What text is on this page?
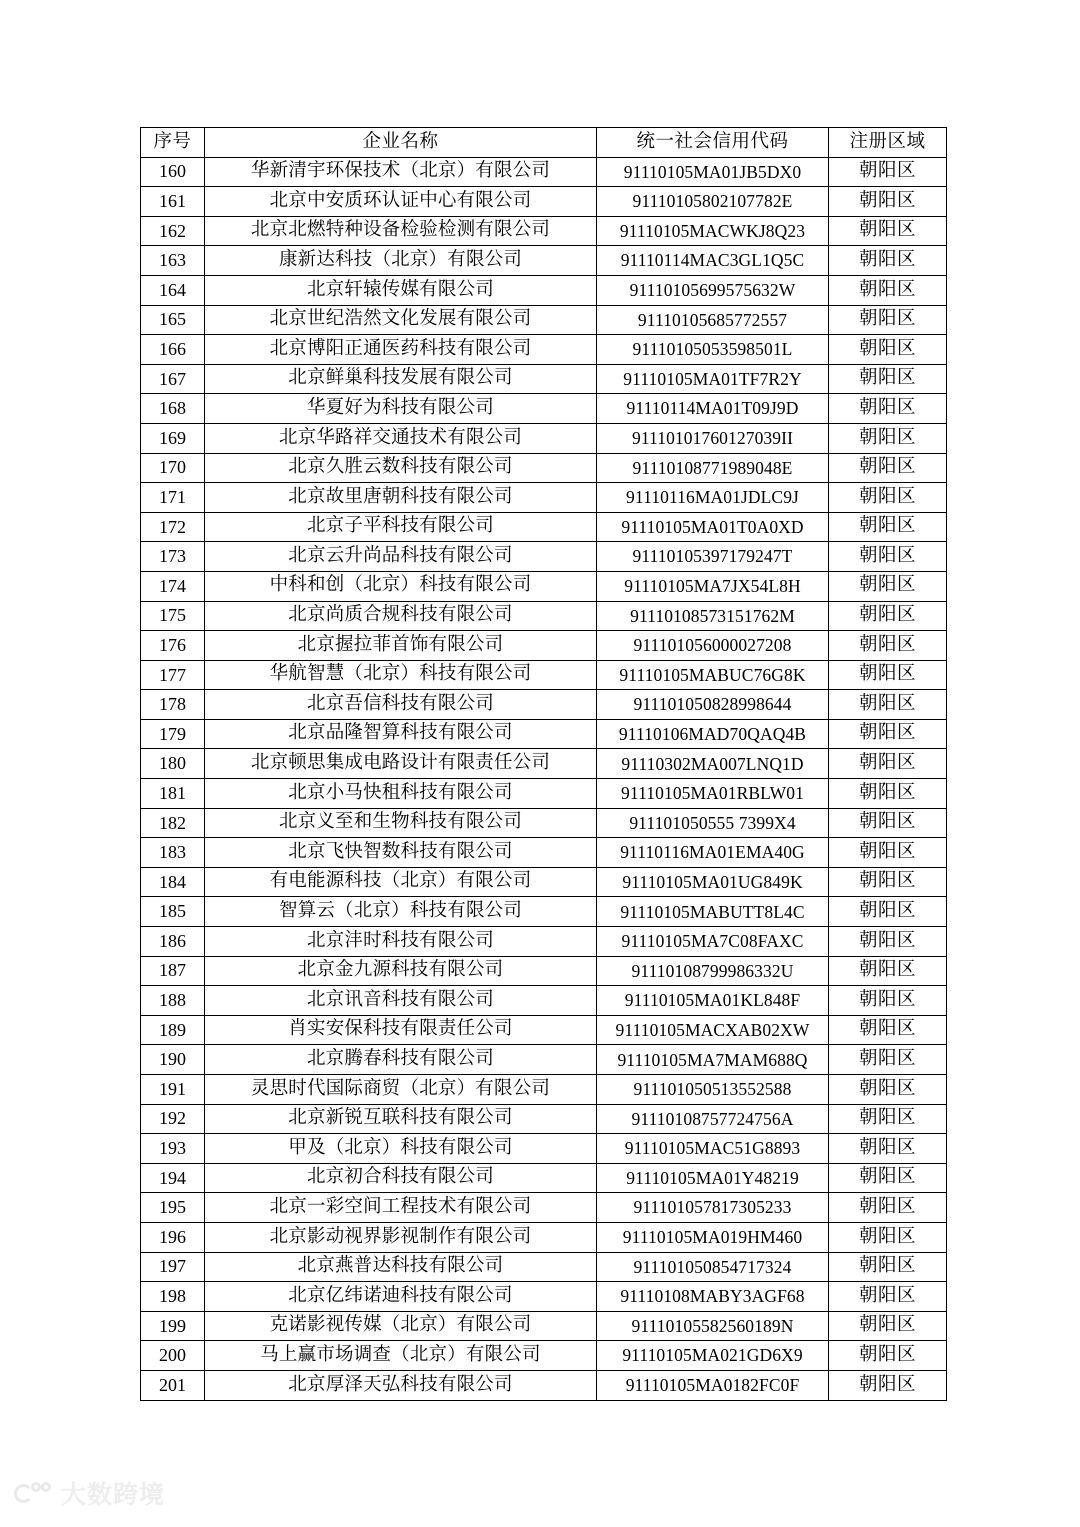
序号	企业名称	统一社会信用代码	注册区域
160	华新清宇环保技术（北京）有限公司	91110105MA01JB5DX0	朝阳区
161	北京中安质环认证中心有限公司	91110105802107782E	朝阳区
162	北京北燃特种设备检验检测有限公司	91110105MACWKJ8Q23	朝阳区
163	康新达科技（北京）有限公司	91110114MAC3GL1Q5C	朝阳区
164	北京轩辕传媒有限公司	91110105699575632W	朝阳区
165	北京世纪浩然文化发展有限公司	91110105685772557	朝阳区
166	北京博阳正通医药科技有限公司	91110105053598501L	朝阳区
167	北京鲜巢科技发展有限公司	91110105MA01TF7R2Y	朝阳区
168	华夏好为科技有限公司	91110114MA01T09J9D	朝阳区
169	北京华路祥交通技术有限公司	91110101760127039II	朝阳区
170	北京久胜云数科技有限公司	91110108771989048E	朝阳区
171	北京故里唐朝科技有限公司	91110116MA01JDLC9J	朝阳区
172	北京子平科技有限公司	91110105MA01T0A0XD	朝阳区
173	北京云升尚品科技有限公司	91110105397179247T	朝阳区
174	中科和创（北京）科技有限公司	91110105MA7JX54L8H	朝阳区
175	北京尚质合规科技有限公司	91110108573151762M	朝阳区
176	北京握拉菲首饰有限公司	911101056000027208	朝阳区
177	华航智慧（北京）科技有限公司	91110105MABUC76G8K	朝阳区
178	北京吾信科技有限公司	911101050828998644	朝阳区
179	北京品隆智算科技有限公司	91110106MAD70QAQ4B	朝阳区
180	北京顿思集成电路设计有限责任公司	91110302MA007LNQ1D	朝阳区
181	北京小马快租科技有限公司	91110105MA01RBLW01	朝阳区
182	北京义至和生物科技有限公司	911101050555 7399X4	朝阳区
183	北京飞快智数科技有限公司	91110116MA01EMA40G	朝阳区
184	有电能源科技（北京）有限公司	91110105MA01UG849K	朝阳区
185	智算云（北京）科技有限公司	91110105MABUTT8L4C	朝阳区
186	北京沣时科技有限公司	91110105MA7C08FAXC	朝阳区
187	北京金九源科技有限公司	91110108799986332U	朝阳区
188	北京讯音科技有限公司	91110105MA01KL848F	朝阳区
189	肖实安保科技有限责任公司	91110105MACXAB02XW	朝阳区
190	北京腾春科技有限公司	91110105MA7MAM688Q	朝阳区
191	灵思时代国际商贸（北京）有限公司	911101050513552588	朝阳区
192	北京新锐互联科技有限公司	91110108757724756A	朝阳区
193	甲及（北京）科技有限公司	91110105MAC51G8893	朝阳区
194	北京初合科技有限公司	91110105MA01Y48219	朝阳区
195	北京一彩空间工程技术有限公司	911101057817305233	朝阳区
196	北京影动视界影视制作有限公司	91110105MA019HM460	朝阳区
197	北京燕普达科技有限公司	911101050854717324	朝阳区
198	北京亿纬诺迪科技有限公司	91110108MABY3AGF68	朝阳区
199	克诺影视传媒（北京）有限公司	91110105582560189N	朝阳区
200	马上赢市场调查（北京）有限公司	91110105MA021GD6X9	朝阳区
201	北京厚泽天弘科技有限公司	91110105MA0182FC0F	朝阳区
大数跨境
